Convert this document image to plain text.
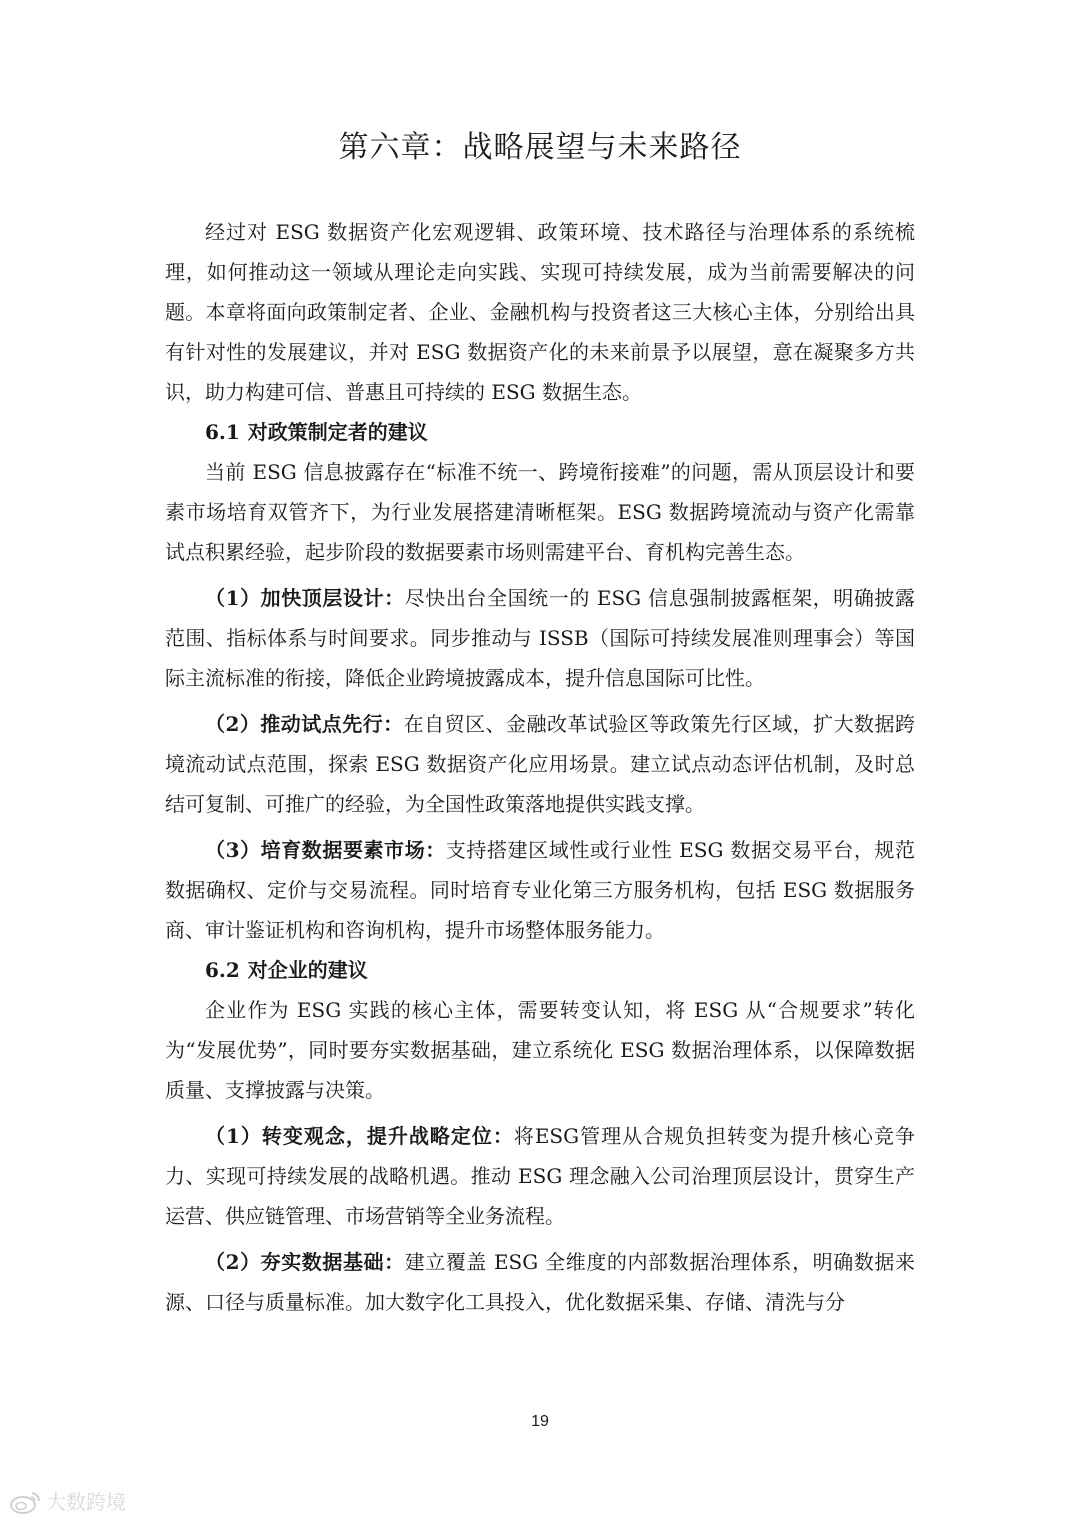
第六章：战略展望与未来路径

经过对 ESG 数据资产化宏观逻辑、政策环境、技术路径与治理体系的系统梳理，如何推动这一领域从理论走向实践、实现可持续发展，成为当前需要解决的问题。本章将面向政策制定者、企业、金融机构与投资者这三大核心主体，分别给出具有针对性的发展建议，并对 ESG 数据资产化的未来前景予以展望，意在凝聚多方共识，助力构建可信、普惠且可持续的 ESG 数据生态。

6.1 对政策制定者的建议

当前 ESG 信息披露存在“标准不统一、跨境衔接难”的问题，需从顶层设计和要素市场培育双管齐下，为行业发展搭建清晰框架。ESG 数据跨境流动与资产化需靠试点积累经验，起步阶段的数据要素市场则需建平台、育机构完善生态。

（1）加快顶层设计：尽快出台全国统一的 ESG 信息强制披露框架，明确披露范围、指标体系与时间要求。同步推动与 ISSB（国际可持续发展准则理事会）等国际主流标准的衔接，降低企业跨境披露成本，提升信息国际可比性。

（2）推动试点先行：在自贸区、金融改革试验区等政策先行区域，扩大数据跨境流动试点范围，探索 ESG 数据资产化应用场景。建立试点动态评估机制，及时总结可复制、可推广的经验，为全国性政策落地提供实践支撑。

（3）培育数据要素市场：支持搭建区域性或行业性 ESG 数据交易平台，规范数据确权、定价与交易流程。同时培育专业化第三方服务机构，包括 ESG 数据服务商、审计鉴证机构和咨询机构，提升市场整体服务能力。

6.2 对企业的建议

企业作为 ESG 实践的核心主体，需要转变认知，将 ESG 从“合规要求”转化为“发展优势”，同时要夯实数据基础，建立系统化 ESG 数据治理体系，以保障数据质量、支撑披露与决策。

（1）转变观念，提升战略定位：将ESG管理从合规负担转变为提升核心竞争力、实现可持续发展的战略机遇。推动 ESG 理念融入公司治理顶层设计，贯穿生产运营、供应链管理、市场营销等全业务流程。

（2）夯实数据基础：建立覆盖 ESG 全维度的内部数据治理体系，明确数据来源、口径与质量标准。加大数字化工具投入，优化数据采集、存储、清洗与分

19
大数跨境
